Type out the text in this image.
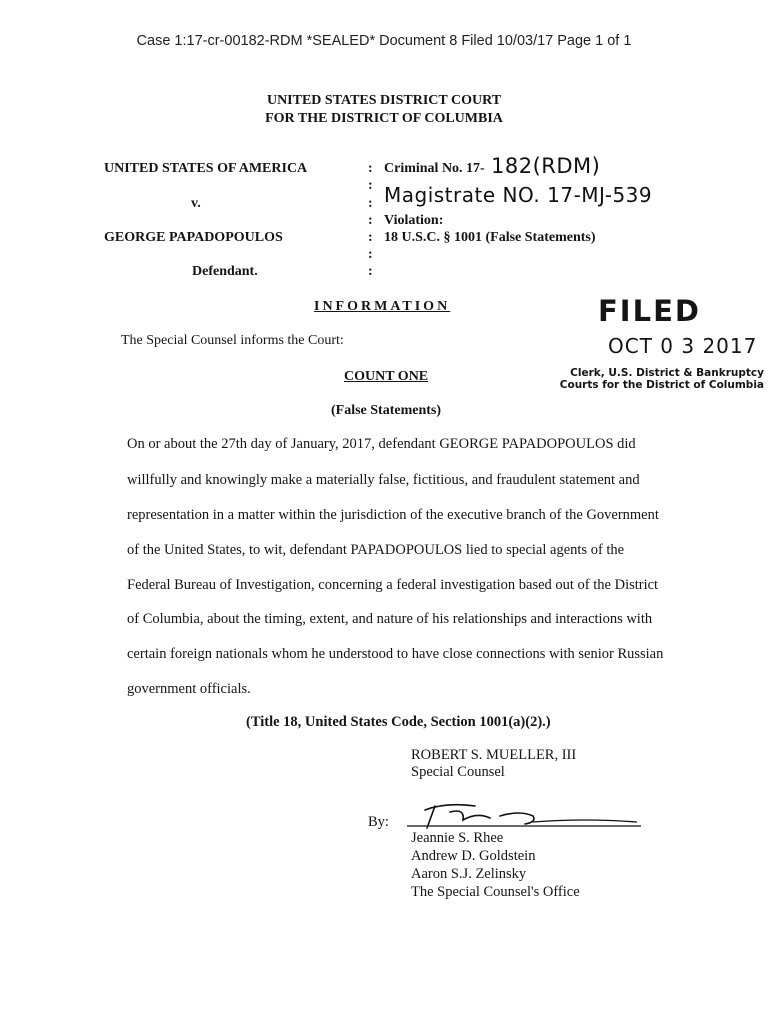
Case 1:17-cr-00182-RDM *SEALED* Document 8 Filed 10/03/17 Page 1 of 1
UNITED STATES DISTRICT COURT
FOR THE DISTRICT OF COLUMBIA
UNITED STATES OF AMERICA
v.
GEORGE PAPADOPOULOS
Defendant.
:
:
:
:
:
:
:
Criminal No. 17- 182(RDM)
Magistrate NO. 17-MJ-539
Violation:
18 U.S.C. § 1001 (False Statements)
FILED
OCT 0 3 2017
Clerk, U.S. District & Bankruptcy
Courts for the District of Columbia
INFORMATION
The Special Counsel informs the Court:
COUNT ONE
(False Statements)
On or about the 27th day of January, 2017, defendant GEORGE PAPADOPOULOS did
willfully and knowingly make a materially false, fictitious, and fraudulent statement and
representation in a matter within the jurisdiction of the executive branch of the Government
of the United States, to wit, defendant PAPADOPOULOS lied to special agents of the
Federal Bureau of Investigation, concerning a federal investigation based out of the District
of Columbia, about the timing, extent, and nature of his relationships and interactions with
certain foreign nationals whom he understood to have close connections with senior Russian
government officials.
(Title 18, United States Code, Section 1001(a)(2).)
ROBERT S. MUELLER, III
Special Counsel
By:
Jeannie S. Rhee
Andrew D. Goldstein
Aaron S.J. Zelinsky
The Special Counsel's Office
